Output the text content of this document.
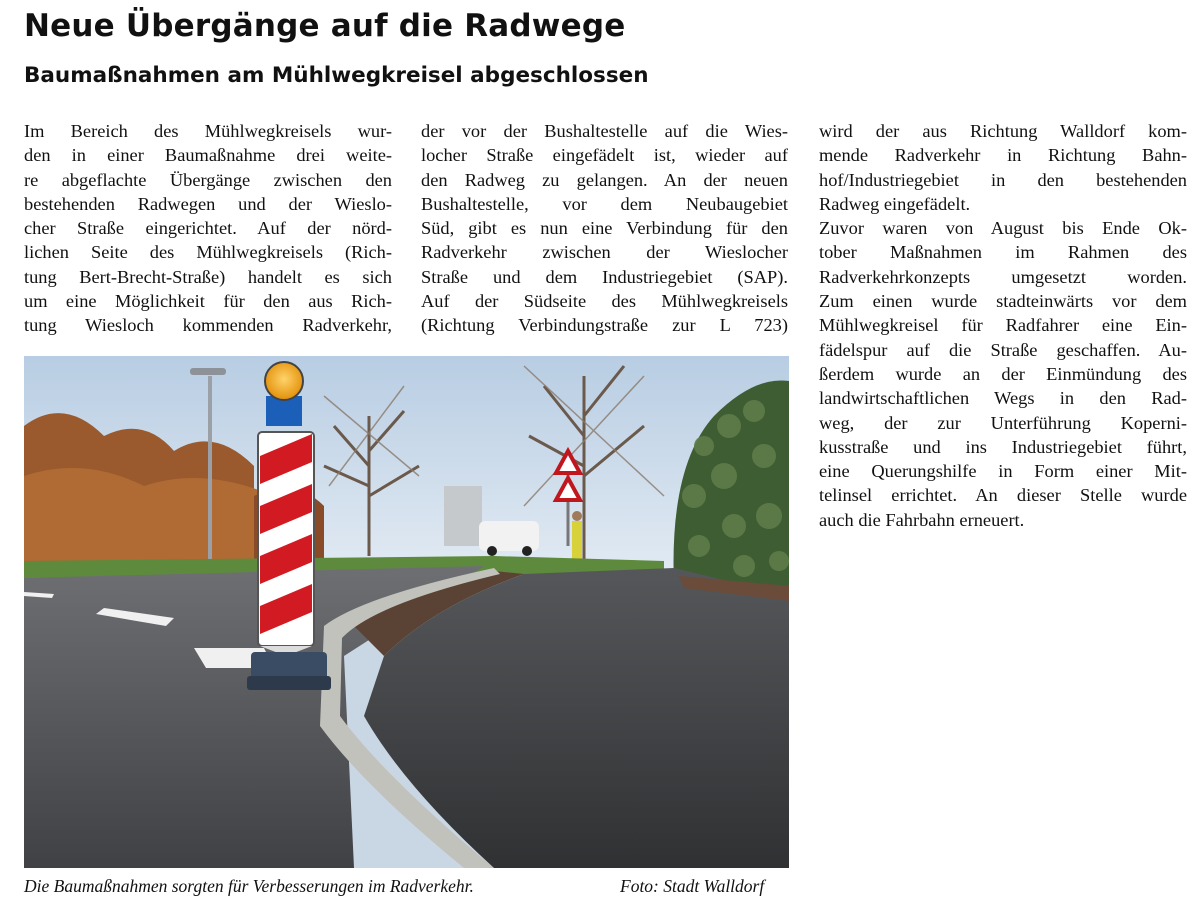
Neue Übergänge auf die Radwege
Baumaßnahmen am Mühlwegkreisel abgeschlossen
Im Bereich des Mühlwegkreisels wur-
den in einer Baumaßnahme drei weite-
re abgeflachte Übergänge zwischen den
bestehenden Radwegen und der Wieslo-
cher Straße eingerichtet. Auf der nörd-
lichen Seite des Mühlwegkreisels (Rich-
tung Bert-Brecht-Straße) handelt es sich
um eine Möglichkeit für den aus Rich-
tung Wiesloch kommenden Radverkehr,
der vor der Bushaltestelle auf die Wies-
locher Straße eingefädelt ist, wieder auf
den Radweg zu gelangen. An der neuen
Bushaltestelle, vor dem Neubaugebiet
Süd, gibt es nun eine Verbindung für den
Radverkehr zwischen der Wieslocher
Straße und dem Industriegebiet (SAP).
Auf der Südseite des Mühlwegkreisels
(Richtung Verbindungstraße zur L 723)
wird der aus Richtung Walldorf kom-
mende Radverkehr in Richtung Bahn-
hof/Industriegebiet in den bestehenden
Radweg eingefädelt.
Zuvor waren von August bis Ende Ok-
tober Maßnahmen im Rahmen des
Radverkehrkonzepts umgesetzt worden.
Zum einen wurde stadteinwärts vor dem
Mühlwegkreisel für Radfahrer eine Ein-
fädelspur auf die Straße geschaffen. Au-
ßerdem wurde an der Einmündung des
landwirtschaftlichen Wegs in den Rad-
weg, der zur Unterführung Koperni-
kusstraße und ins Industriegebiet führt,
eine Querungshilfe in Form einer Mit-
telinsel errichtet. An dieser Stelle wurde
auch die Fahrbahn erneuert.
Die Baumaßnahmen sorgten für Verbesserungen im Radverkehr.	Foto: Stadt Walldorf
